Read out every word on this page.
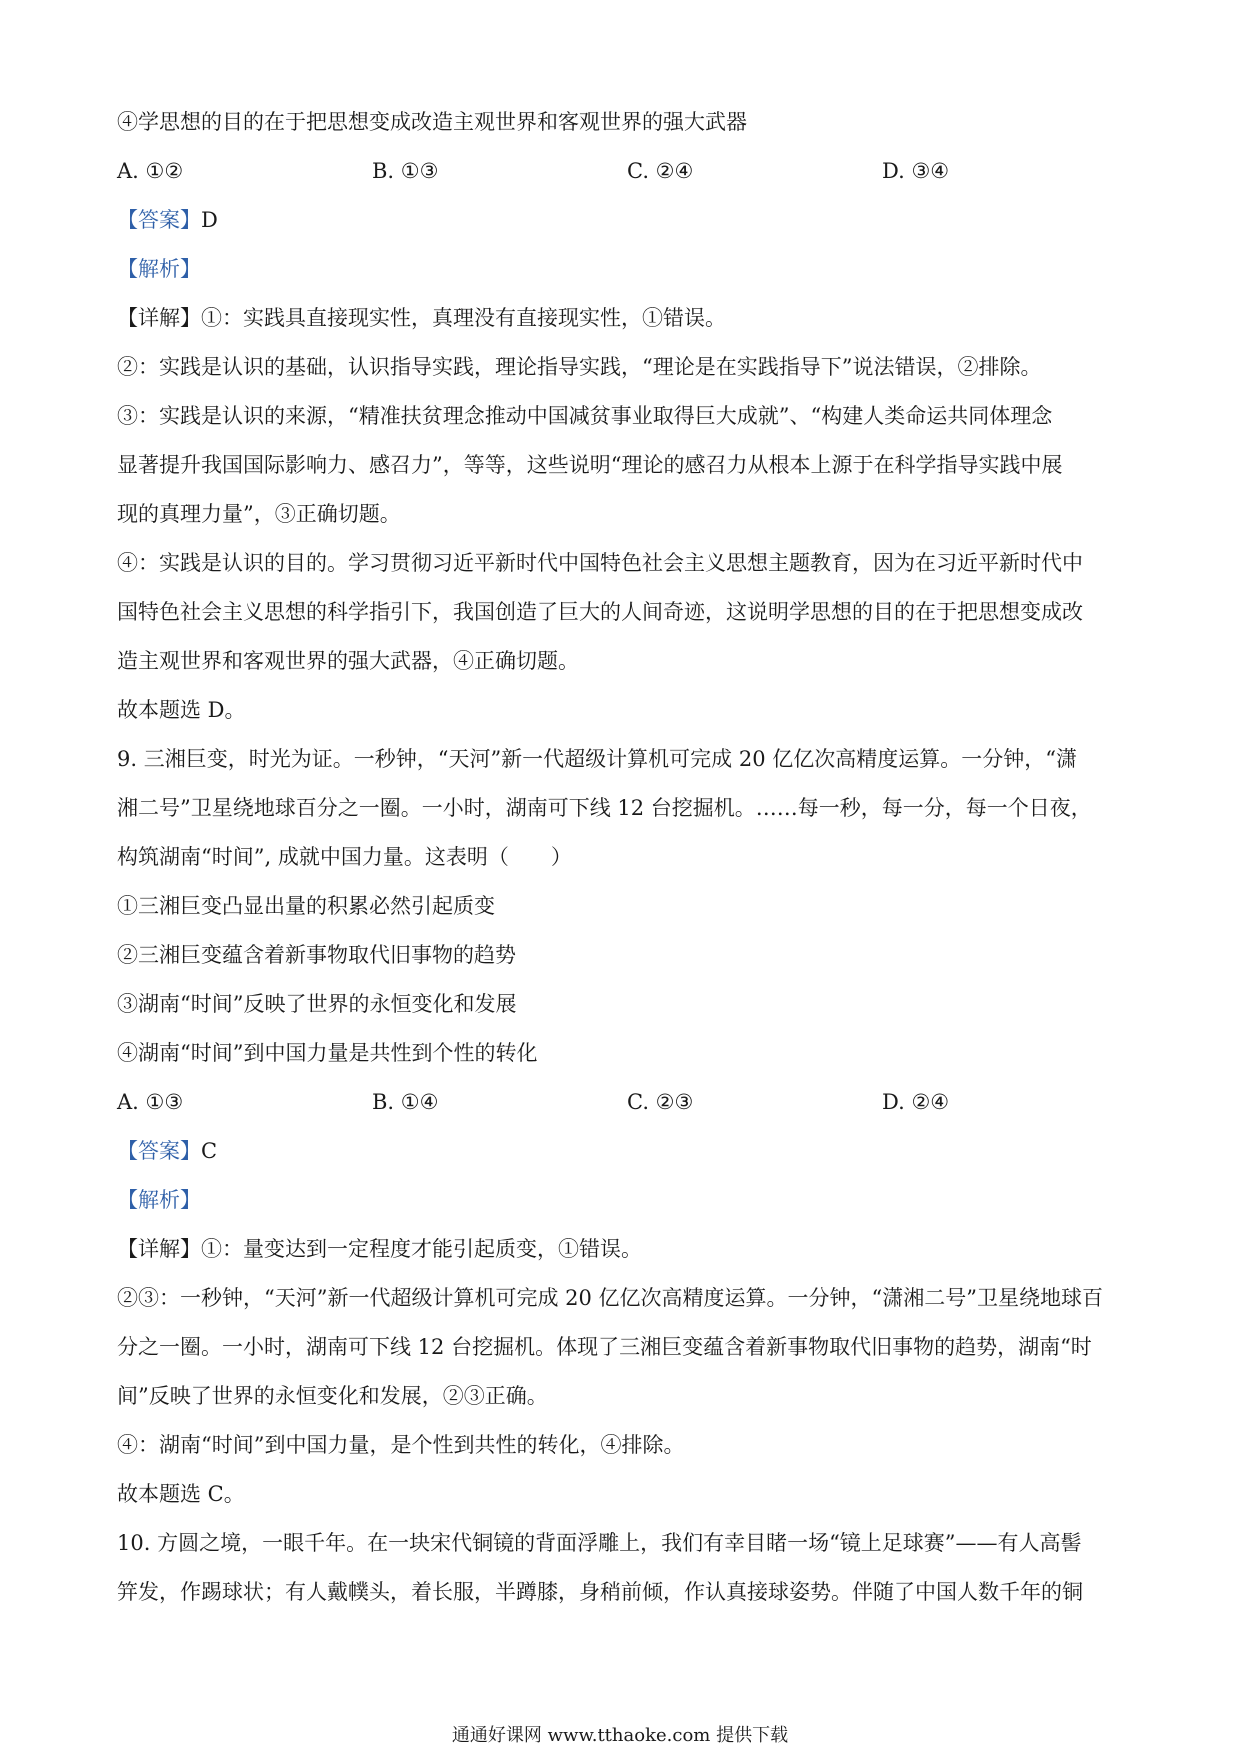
④学思想的目的在于把思想变成改造主观世界和客观世界的强大武器
A. ①②	B. ①③	C. ②④	D. ③④
【答案】D
【解析】
【详解】①：实践具直接现实性，真理没有直接现实性，①错误。
②：实践是认识的基础，认识指导实践，理论指导实践，“理论是在实践指导下”说法错误，②排除。
③：实践是认识的来源，“精准扶贫理念推动中国减贫事业取得巨大成就”、“构建人类命运共同体理念
显著提升我国国际影响力、感召力”，等等，这些说明“理论的感召力从根本上源于在科学指导实践中展
现的真理力量”，③正确切题。
④：实践是认识的目的。学习贯彻习近平新时代中国特色社会主义思想主题教育，因为在习近平新时代中
国特色社会主义思想的科学指引下，我国创造了巨大的人间奇迹，这说明学思想的目的在于把思想变成改
造主观世界和客观世界的强大武器，④正确切题。
故本题选 D。
9. 三湘巨变，时光为证。一秒钟，“天河”新一代超级计算机可完成 20 亿亿次高精度运算。一分钟，“潇
湘二号”卫星绕地球百分之一圈。一小时，湖南可下线 12 台挖掘机。……每一秒，每一分，每一个日夜，
构筑湖南“时间”, 成就中国力量。这表明（　　）
①三湘巨变凸显出量的积累必然引起质变
②三湘巨变蕴含着新事物取代旧事物的趋势
③湖南“时间”反映了世界的永恒变化和发展
④湖南“时间”到中国力量是共性到个性的转化
A. ①③	B. ①④	C. ②③	D. ②④
【答案】C
【解析】
【详解】①：量变达到一定程度才能引起质变，①错误。
②③：一秒钟，“天河”新一代超级计算机可完成 20 亿亿次高精度运算。一分钟，“潇湘二号”卫星绕地球百
分之一圈。一小时，湖南可下线 12 台挖掘机。体现了三湘巨变蕴含着新事物取代旧事物的趋势，湖南“时
间”反映了世界的永恒变化和发展，②③正确。
④：湖南“时间”到中国力量，是个性到共性的转化，④排除。
故本题选 C。
10. 方圆之境，一眼千年。在一块宋代铜镜的背面浮雕上，我们有幸目睹一场“镜上足球赛”——有人高髻
笄发，作踢球状；有人戴幞头，着长服，半蹲膝，身稍前倾，作认真接球姿势。伴随了中国人数千年的铜
通通好课网 www.tthaoke.com 提供下载
